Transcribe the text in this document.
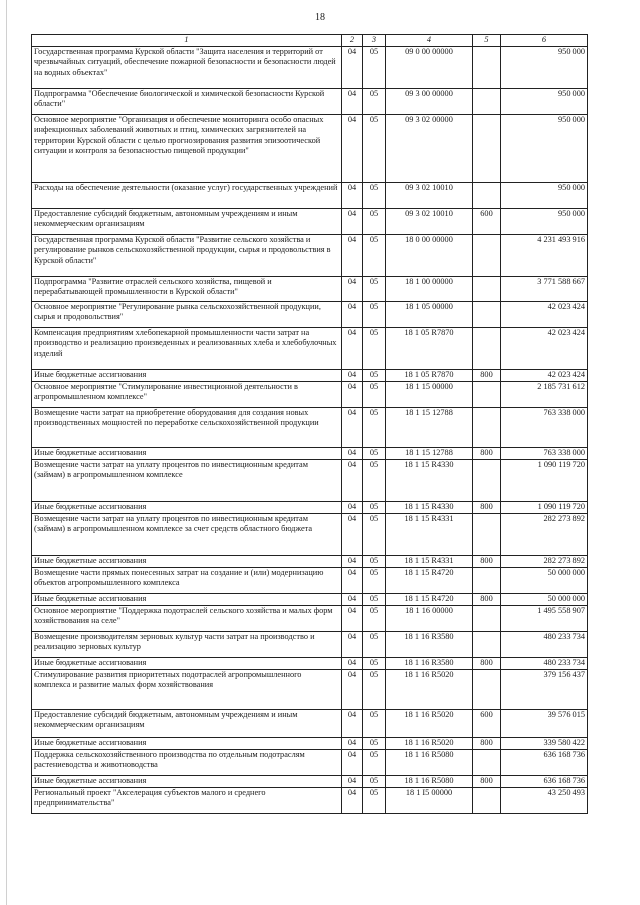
18
1	2	3	4	5	6
Государственная программа Курской области "Защита населения и территорий от чрезвычайных ситуаций, обеспечение пожарной безопасности и безопасности людей на водных объектах"	04	05	09 0 00 00000		950 000
Подпрограмма "Обеспечение биологической и химической безопасности Курской области"	04	05	09 3 00 00000		950 000
Основное мероприятие "Организация и обеспечение мониторинга особо опасных инфекционных заболеваний животных и птиц, химических загрязнителей на территории Курской области с целью прогнозирования развития эпизоотической ситуации и контроля за безопасностью пищевой продукции"	04	05	09 3 02 00000		950 000
Расходы на обеспечение деятельности (оказание услуг) государственных учреждений	04	05	09 3 02 10010		950 000
Предоставление субсидий бюджетным, автономным учреждениям и иным некоммерческим организациям	04	05	09 3 02 10010	600	950 000
Государственная программа Курской области "Развитие сельского хозяйства и регулирование рынков сельскохозяйственной продукции, сырья и продовольствия в Курской области"	04	05	18 0 00 00000		4 231 493 916
Подпрограмма "Развитие отраслей сельского хозяйства, пищевой и перерабатывающей промышленности в Курской области"	04	05	18 1 00 00000		3 771 588 667
Основное мероприятие "Регулирование рынка сельскохозяйственной продукции, сырья и продовольствия"	04	05	18 1 05 00000		42 023 424
Компенсация предприятиям хлебопекарной промышленности части затрат на производство и реализацию произведенных и реализованных хлеба и хлебобулочных изделий	04	05	18 1 05 R7870		42 023 424
Иные бюджетные ассигнования	04	05	18 1 05 R7870	800	42 023 424
Основное мероприятие "Стимулирование инвестиционной деятельности в агропромышленном комплексе"	04	05	18 1 15 00000		2 185 731 612
Возмещение части затрат на приобретение оборудования для создания новых производственных мощностей по переработке сельскохозяйственной продукции	04	05	18 1 15 12788		763 338 000
Иные бюджетные ассигнования	04	05	18 1 15 12788	800	763 338 000
Возмещение части затрат на уплату процентов по инвестиционным кредитам (займам) в агропромышленном комплексе	04	05	18 1 15 R4330		1 090 119 720
Иные бюджетные ассигнования	04	05	18 1 15 R4330	800	1 090 119 720
Возмещение части затрат на уплату процентов по инвестиционным кредитам (займам) в агропромышленном комплексе за счет средств областного бюджета	04	05	18 1 15 R4331		282 273 892
Иные бюджетные ассигнования	04	05	18 1 15 R4331	800	282 273 892
Возмещение части прямых понесенных затрат на создание и (или) модернизацию объектов агропромышленного комплекса	04	05	18 1 15 R4720		50 000 000
Иные бюджетные ассигнования	04	05	18 1 15 R4720	800	50 000 000
Основное мероприятие "Поддержка подотраслей сельского хозяйства и малых форм хозяйствования на селе"	04	05	18 1 16 00000		1 495 558 907
Возмещение производителям зерновых культур части затрат на производство и реализацию зерновых культур	04	05	18 1 16 R3580		480 233 734
Иные бюджетные ассигнования	04	05	18 1 16 R3580	800	480 233 734
Стимулирование развития приоритетных подотраслей агропромышленного комплекса и развитие малых форм хозяйствования	04	05	18 1 16 R5020		379 156 437
Предоставление субсидий бюджетным, автономным учреждениям и иным некоммерческим организациям	04	05	18 1 16 R5020	600	39 576 015
Иные бюджетные ассигнования	04	05	18 1 16 R5020	800	339 580 422
Поддержка сельскохозяйственного производства по отдельным подотраслям растениеводства и животноводства	04	05	18 1 16 R5080		636 168 736
Иные бюджетные ассигнования	04	05	18 1 16 R5080	800	636 168 736
Региональный проект "Акселерация субъектов малого и среднего предпринимательства"	04	05	18 1 I5 00000		43 250 493
